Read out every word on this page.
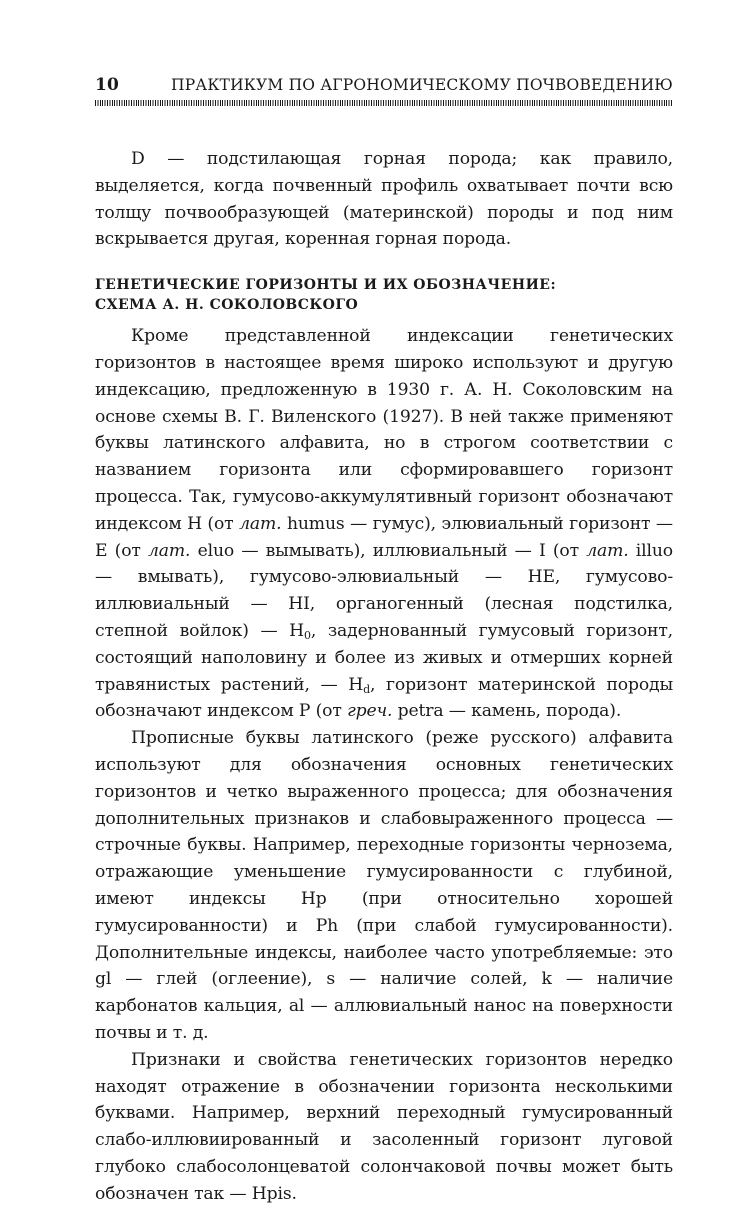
10	ПРАКТИКУМ ПО АГРОНОМИЧЕСКОМУ ПОЧВОВЕДЕНИЮ

D — подстилающая горная порода; как правило, выделяется, когда почвенный профиль охватывает почти всю толщу почвообразующей (материнской) породы и под ним вскрывается другая, коренная горная порода.

ГЕНЕТИЧЕСКИЕ ГОРИЗОНТЫ И ИХ ОБОЗНАЧЕНИЕ:
СХЕМА А. Н. СОКОЛОВСКОГО

Кроме представленной индексации генетических горизонтов в настоящее время широко используют и другую индексацию, предложенную в 1930 г. А. Н. Соколовским на основе схемы В. Г. Виленского (1927). В ней также применяют буквы латинского алфавита, но в строгом соответствии с названием горизонта или сформировавшего горизонт процесса. Так, гумусово-аккумулятивный горизонт обозначают индексом H (от лат. humus — гумус), элювиальный горизонт — E (от лат. eluo — вымывать), иллювиальный — I (от лат. illuo — вмывать), гумусово-элювиальный — HE, гумусово-иллювиальный — HI, органогенный (лесная подстилка, степной войлок) — $H_0$, задернованный гумусовый горизонт, состоящий наполовину и более из живых и отмерших корней травянистых растений, — $H_d$, горизонт материнской породы обозначают индексом P (от греч. petra — камень, порода).

Прописные буквы латинского (реже русского) алфавита используют для обозначения основных генетических горизонтов и четко выраженного процесса; для обозначения дополнительных признаков и слабовыраженного процесса — строчные буквы. Например, переходные горизонты чернозема, отражающие уменьшение гумусированности с глубиной, имеют индексы Hp (при относительно хорошей гумусированности) и Ph (при слабой гумусированности). Дополнительные индексы, наиболее часто употребляемые: это gl — глей (оглеение), s — наличие солей, k — наличие карбонатов кальция, al — аллювиальный нанос на поверхности почвы и т. д.

Признаки и свойства генетических горизонтов нередко находят отражение в обозначении горизонта несколькими буквами. Например, верхний переходный гумусированный слабо-иллювиированный и засоленный горизонт луговой глубоко слабосолонцеватой солончаковой почвы может быть обозначен так — Hpis.
